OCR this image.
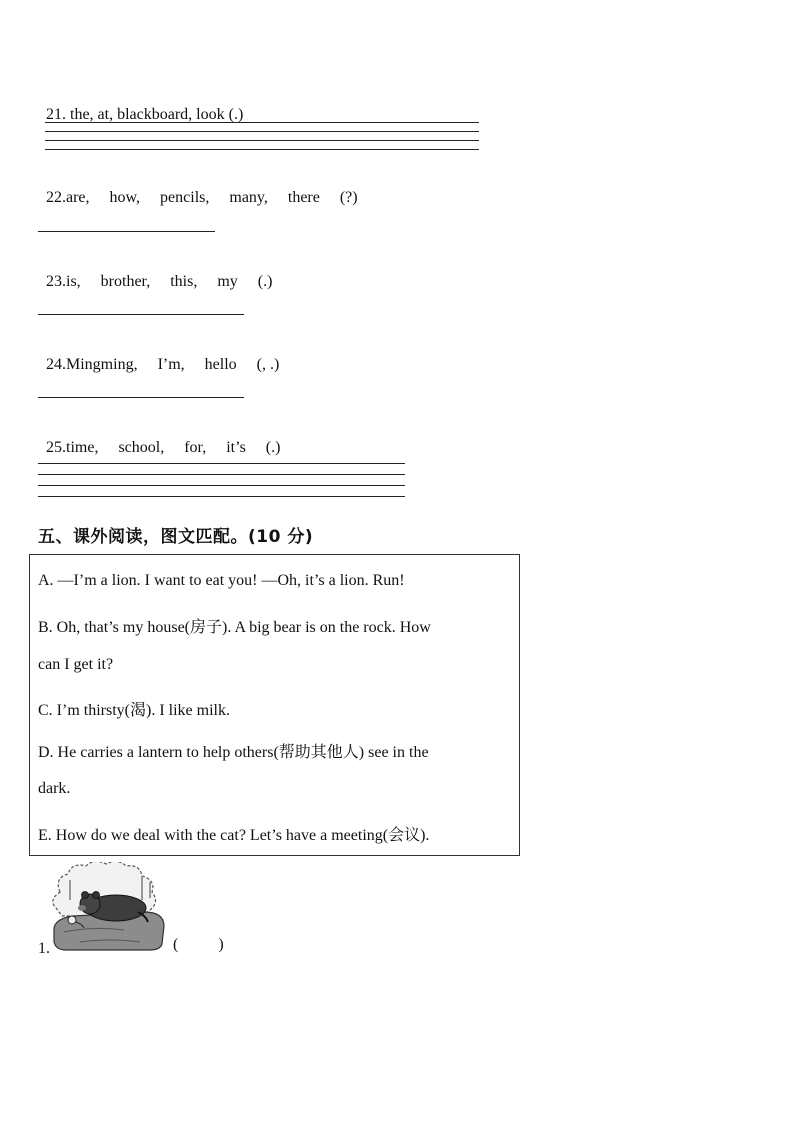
21. the, at, blackboard, look (.)

22.are,     how,     pencils,     many,     there     (?)

23.is,     brother,     this,     my     (.)

24.Mingming,     I’m,     hello     (, .)

25.time,     school,     for,     it’s     (.)

五、课外阅读，图文匹配。(10 分)
A. —I’m a lion. I want to eat you! —Oh, it’s a lion. Run!
B. Oh, that’s my house(房子). A big bear is on the rock. How
can I get it?
C. I’m thirsty(渴). I like milk.
D. He carries a lantern to help others(帮助其他人) see in the
dark.
E. How do we deal with the cat? Let’s have a meeting(会议).
1.	(          )
